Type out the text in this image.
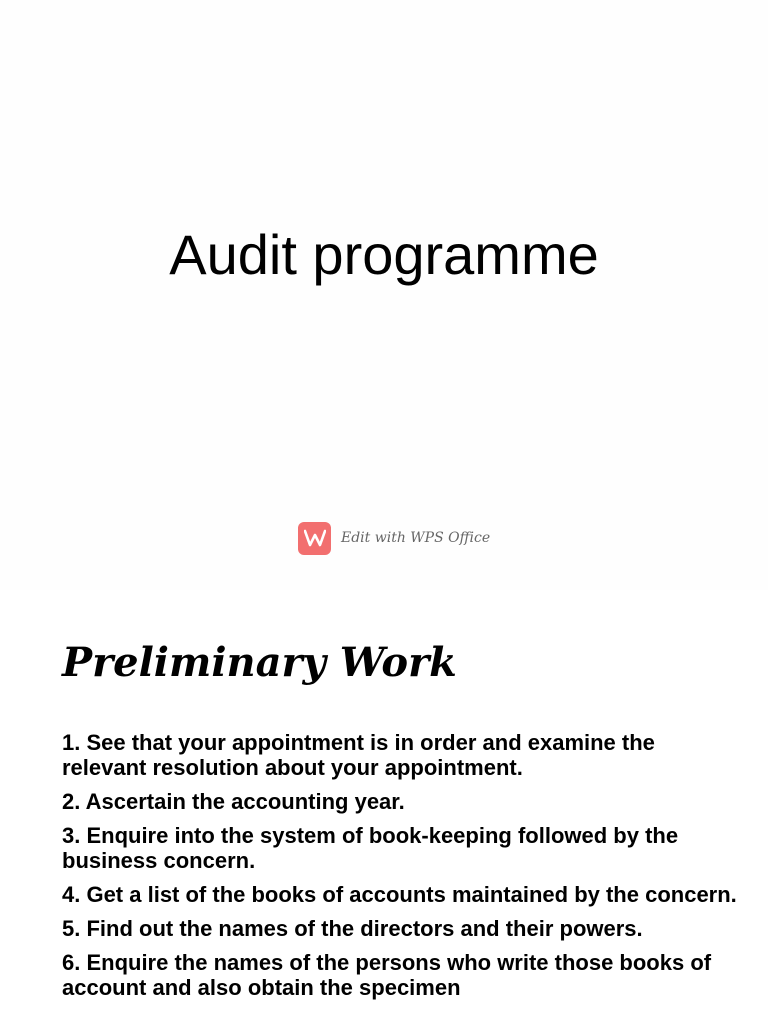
Audit programme
Edit with WPS Office
Preliminary Work
1. See that your appointment is in order and examine the relevant resolution about your appointment.
2. Ascertain the accounting year.
3. Enquire into the system of book-keeping followed by the business concern.
4. Get a list of the books of accounts maintained by the concern.
5. Find out the names of the directors and their powers.
6. Enquire the names of the persons who write those books of account and also obtain the specimen
